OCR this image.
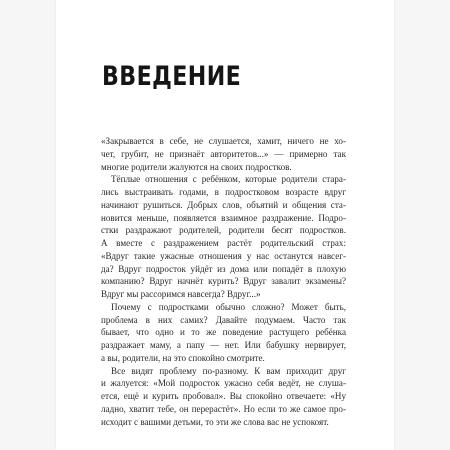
ВВЕДЕНИЕ
«Закрывается в себе, не слушается, хамит, ничего не хо-
чет, грубит, не признаёт авторитетов...» — примерно так
многие родители жалуются на своих подростков.
Тёплые отношения с ребёнком, которые родители стара-
лись выстраивать годами, в подростковом возрасте вдруг
начинают рушиться. Добрых слов, объятий и общения ста-
новится меньше, появляется взаимное раздражение. Подро-
стки раздражают родителей, родители бесят подростков.
А вместе с раздражением растёт родительский страх:
«Вдруг такие ужасные отношения у нас останутся навсег-
да? Вдруг подросток уйдёт из дома или попадёт в плохую
компанию? Вдруг начнёт курить? Вдруг завалит экзамены?
Вдруг мы рассоримся навсегда? Вдруг...»
Почему с подростками обычно сложно? Может быть,
проблема в них самих? Давайте подумаем. Часто так
бывает, что одно и то же поведение растущего ребёнка
раздражает маму, а папу — нет. Или бабушку нервирует,
а вы, родители, на это спокойно смотрите.
Все видят проблему по-разному. К вам приходит друг
и жалуется: «Мой подросток ужасно себя ведёт, не слуша-
ется, ещё и курить пробовал». Вы спокойно отвечаете: «Ну
ладно, хватит тебе, он перерастёт». Но если то же самое про-
исходит с вашими детьми, то эти же слова вас не успокоят.
